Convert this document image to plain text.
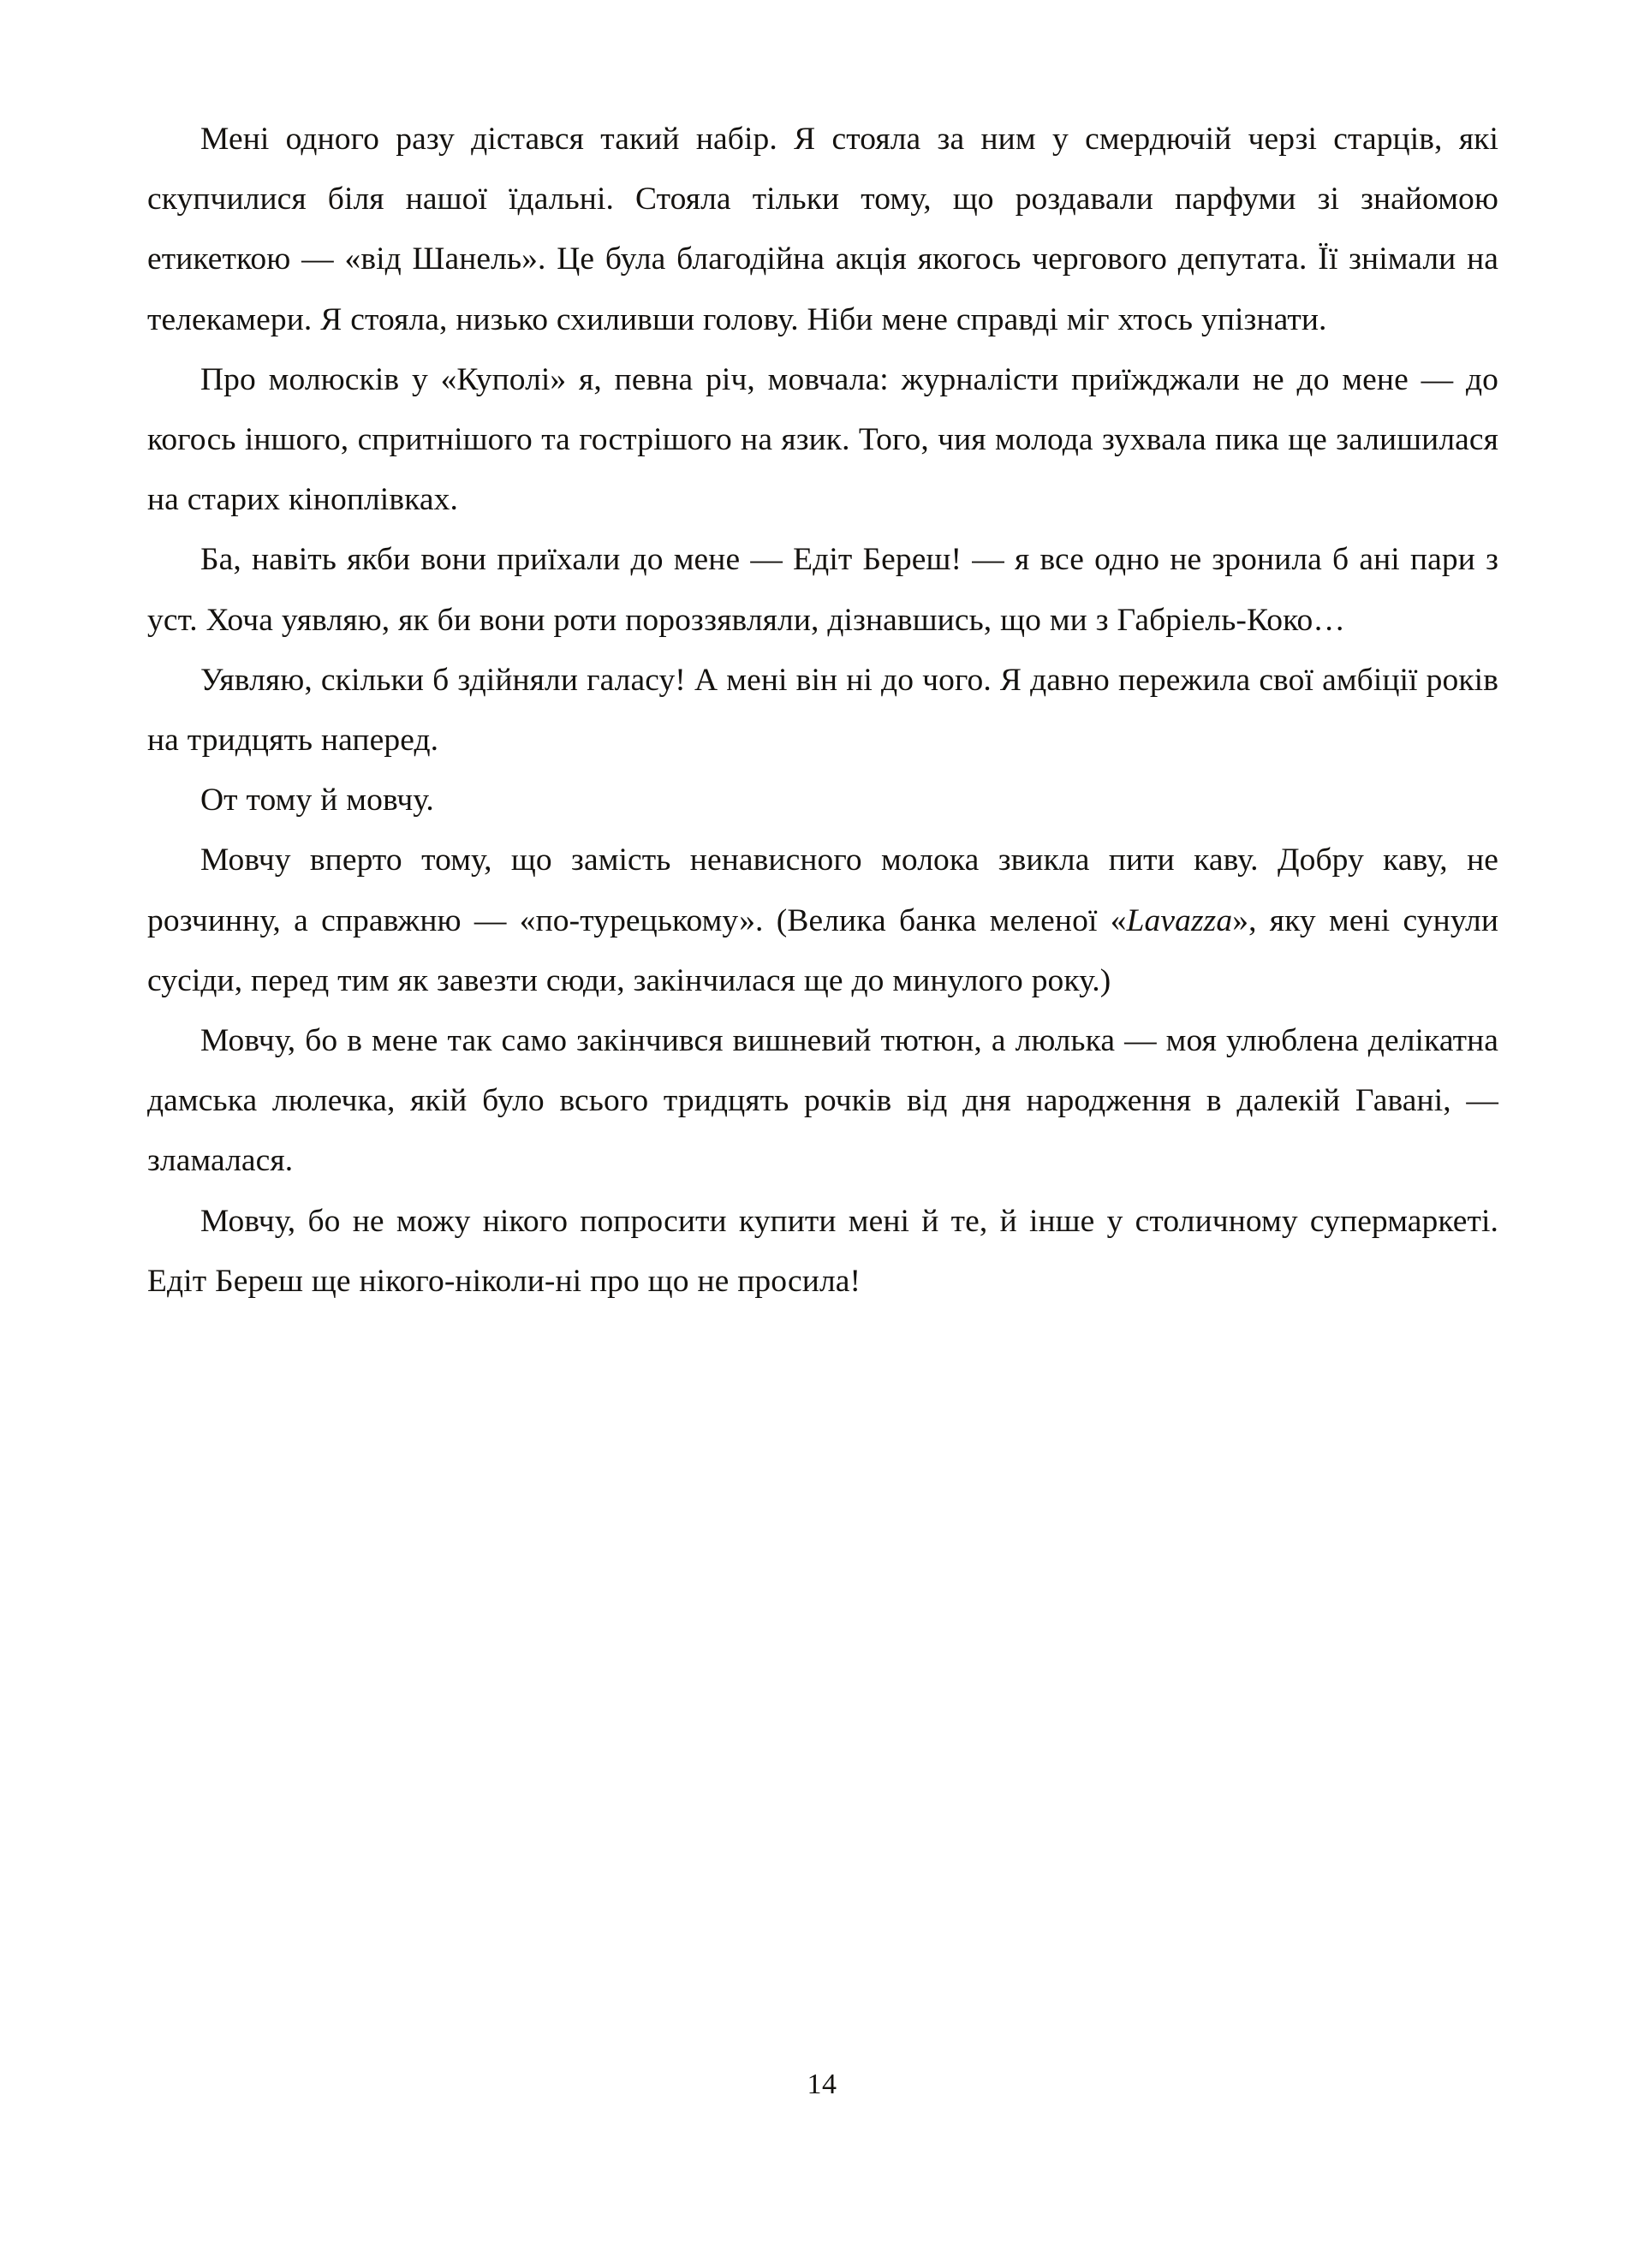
Мені одного разу дістався такий набір. Я стояла за ним у смердючій черзі старців, які скупчилися біля нашої їдальні. Стояла тільки тому, що роздавали парфуми зі знайомою етикеткою — «від Шанель». Це була благодійна акція якогось чергового депутата. Її знімали на телекамери. Я стояла, низько схиливши голову. Ніби мене справді міг хтось упізнати.

Про молюсків у «Куполі» я, певна річ, мовчала: журналісти приїжджали не до мене — до когось іншого, спритнішого та гострішого на язик. Того, чия молода зухвала пика ще залишилася на старих кіноплівках.

Ба, навіть якби вони приїхали до мене — Едіт Береш! — я все одно не зронила б ані пари з уст. Хоча уявляю, як би вони роти пороззявляли, дізнавшись, що ми з Габріель-Коко…

Уявляю, скільки б здійняли галасу! А мені він ні до чого. Я давно пережила свої амбіції років на тридцять наперед.

От тому й мовчу.

Мовчу вперто тому, що замість ненависного молока звикла пити каву. Добру каву, не розчинну, а справжню — «по-турецькому». (Велика банка меленої «Lavazza», яку мені сунули сусіди, перед тим як завезти сюди, закінчилася ще до минулого року.)

Мовчу, бо в мене так само закінчився вишневий тютюн, а люлька — моя улюблена делікатна дамська люлечка, якій було всього тридцять рочків від дня народження в далекій Гавані, — зламалася.

Мовчу, бо не можу нікого попросити купити мені й те, й інше у столичному супермаркеті. Едіт Береш ще нікого-ніколи-ні про що не просила!

14
